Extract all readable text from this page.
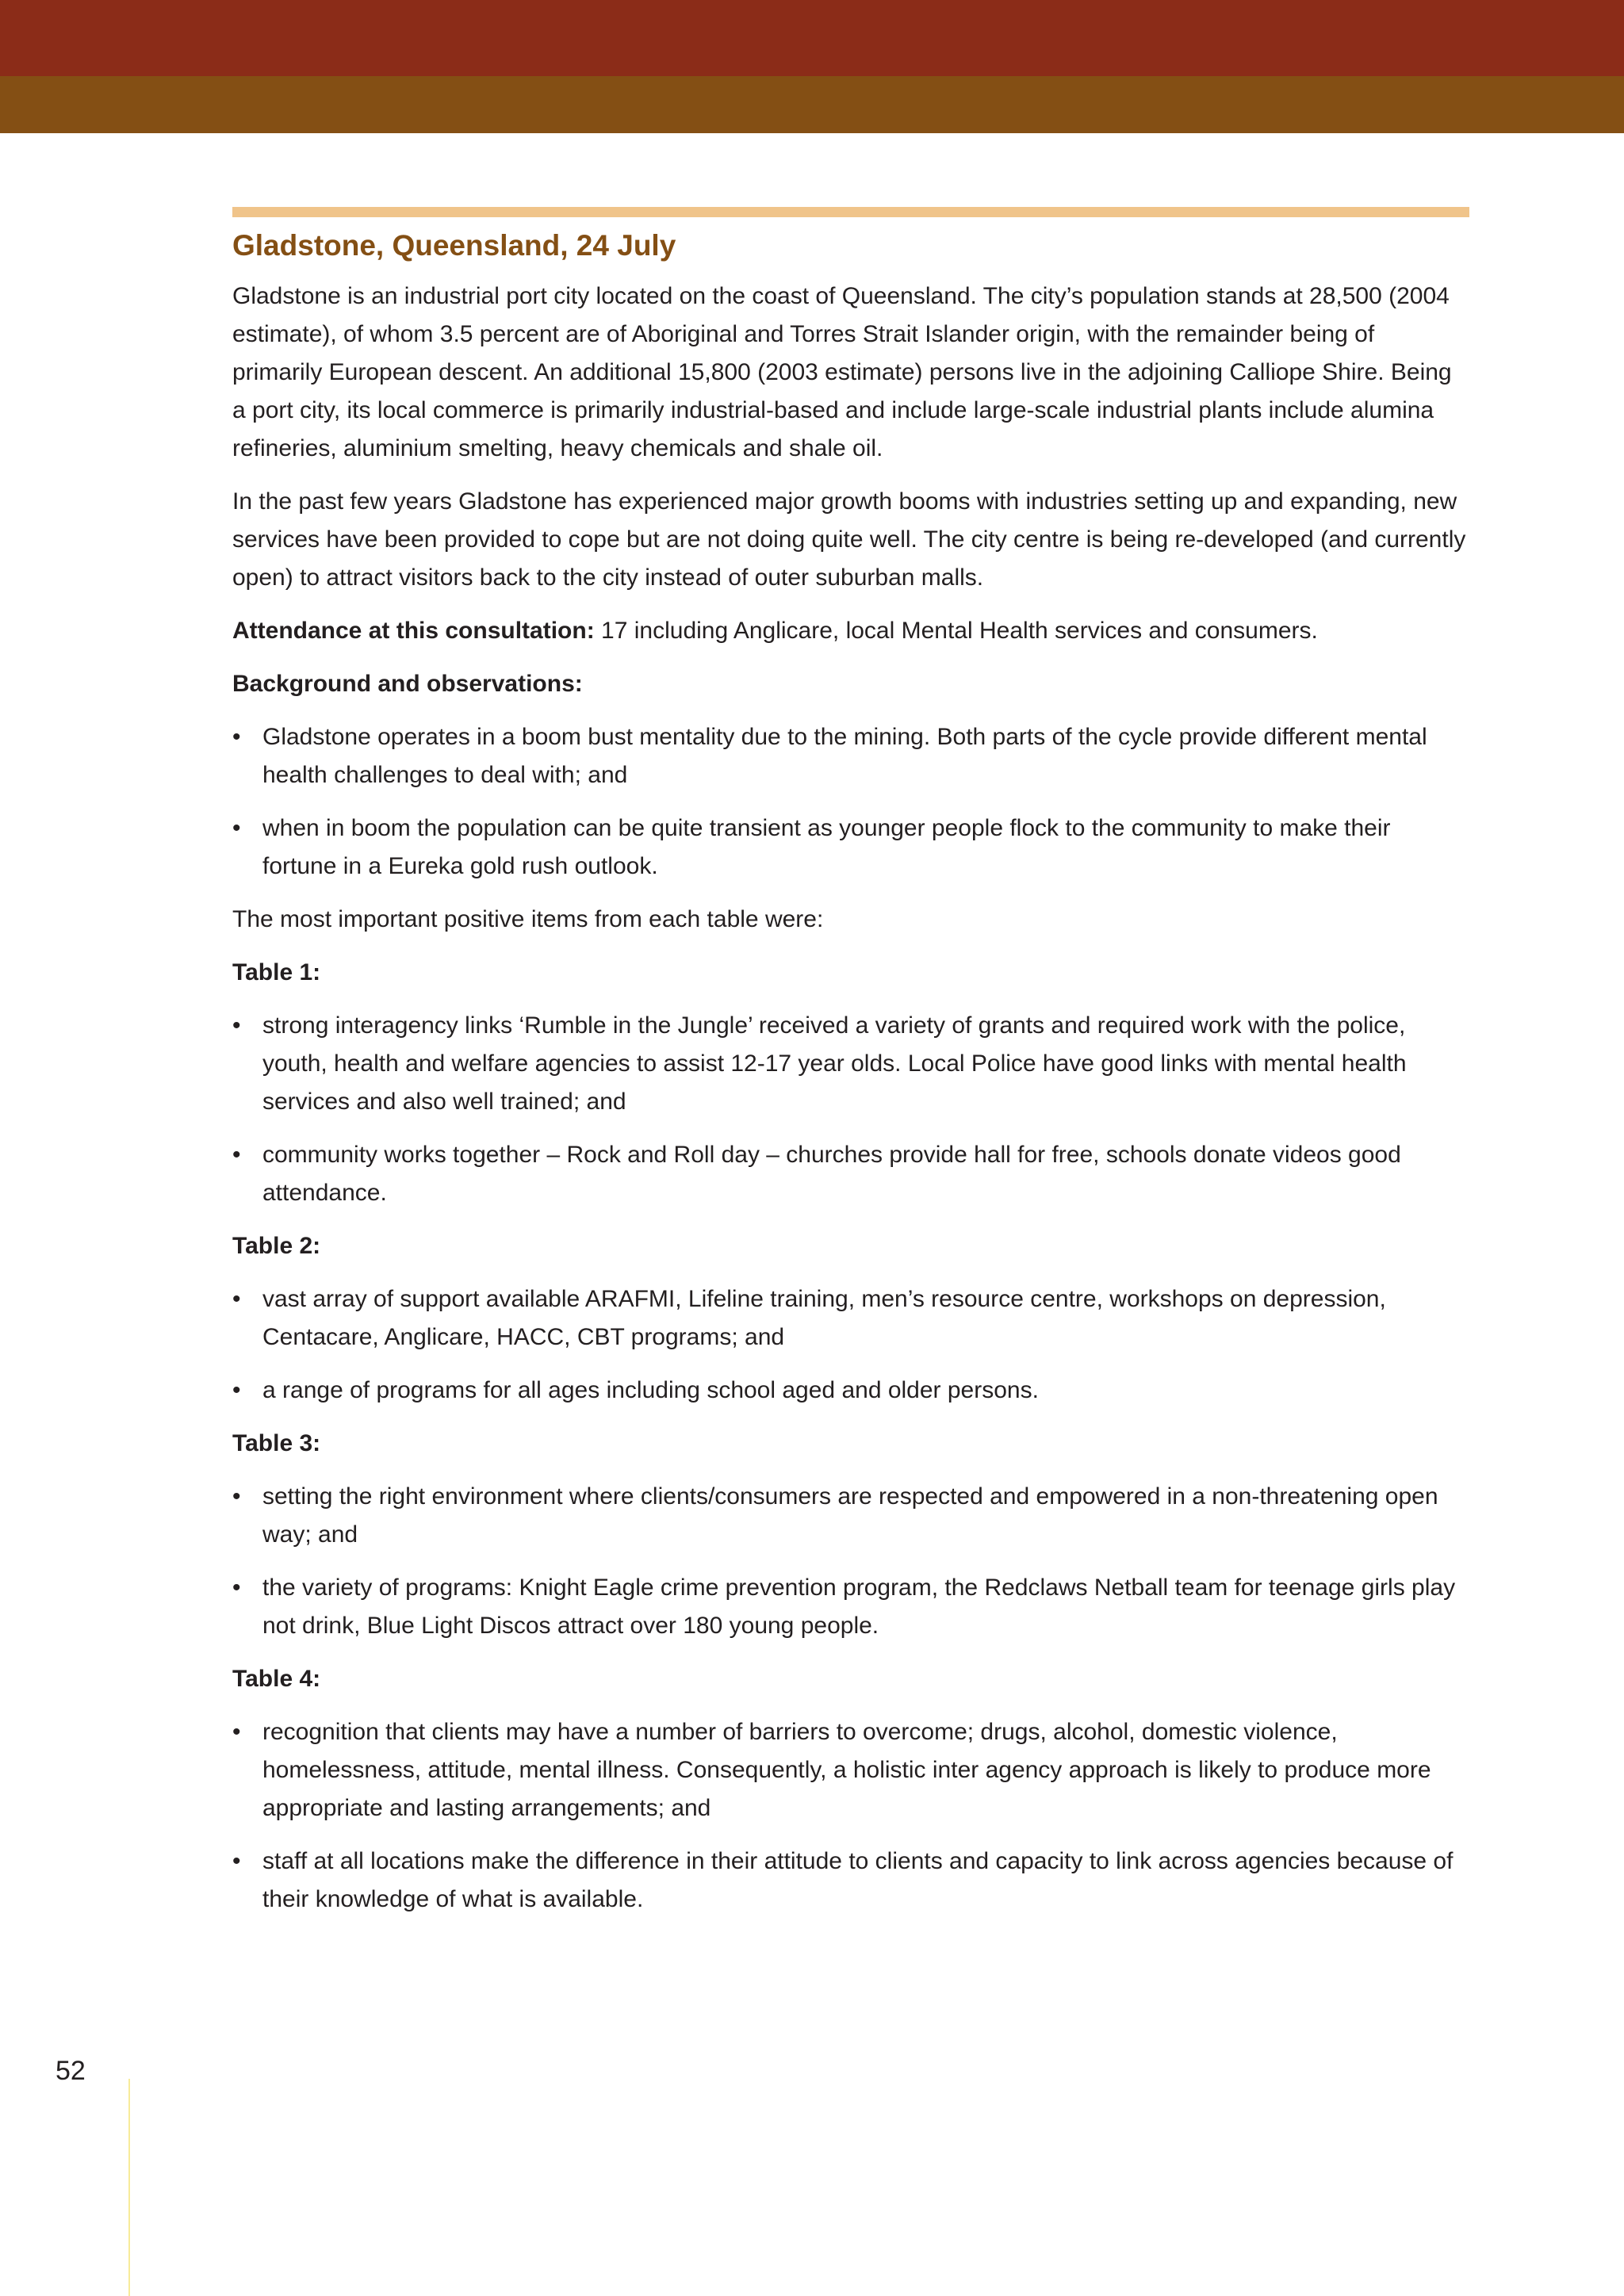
Gladstone, Queensland, 24 July

Gladstone is an industrial port city located on the coast of Queensland. The city’s population stands at 28,500 (2004 estimate), of whom 3.5 percent are of Aboriginal and Torres Strait Islander origin, with the remainder being of primarily European descent. An additional 15,800 (2003 estimate) persons live in the adjoining Calliope Shire. Being a port city, its local commerce is primarily industrial-based and include large-scale industrial plants include alumina refineries, aluminium smelting, heavy chemicals and shale oil.

In the past few years Gladstone has experienced major growth booms with industries setting up and expanding, new services have been provided to cope but are not doing quite well. The city centre is being re-developed (and currently open) to attract visitors back to the city instead of outer suburban malls.

Attendance at this consultation: 17 including Anglicare, local Mental Health services and consumers.

Background and observations:

• Gladstone operates in a boom bust mentality due to the mining. Both parts of the cycle provide different mental health challenges to deal with; and
• when in boom the population can be quite transient as younger people flock to the community to make their fortune in a Eureka gold rush outlook.

The most important positive items from each table were:

Table 1:

• strong interagency links ‘Rumble in the Jungle’ received a variety of grants and required work with the police, youth, health and welfare agencies to assist 12-17 year olds. Local Police have good links with mental health services and also well trained; and
• community works together – Rock and Roll day – churches provide hall for free, schools donate videos good attendance.

Table 2:

• vast array of support available ARAFMI, Lifeline training, men’s resource centre, workshops on depression, Centacare, Anglicare, HACC, CBT programs; and
• a range of programs for all ages including school aged and older persons.

Table 3:

• setting the right environment where clients/consumers are respected and empowered in a non-threatening open way; and
• the variety of programs: Knight Eagle crime prevention program, the Redclaws Netball team for teenage girls play not drink, Blue Light Discos attract over 180 young people.

Table 4:

• recognition that clients may have a number of barriers to overcome; drugs, alcohol, domestic violence, homelessness, attitude, mental illness. Consequently, a holistic inter agency approach is likely to produce more appropriate and lasting arrangements; and
• staff at all locations make the difference in their attitude to clients and capacity to link across agencies because of their knowledge of what is available.
52
